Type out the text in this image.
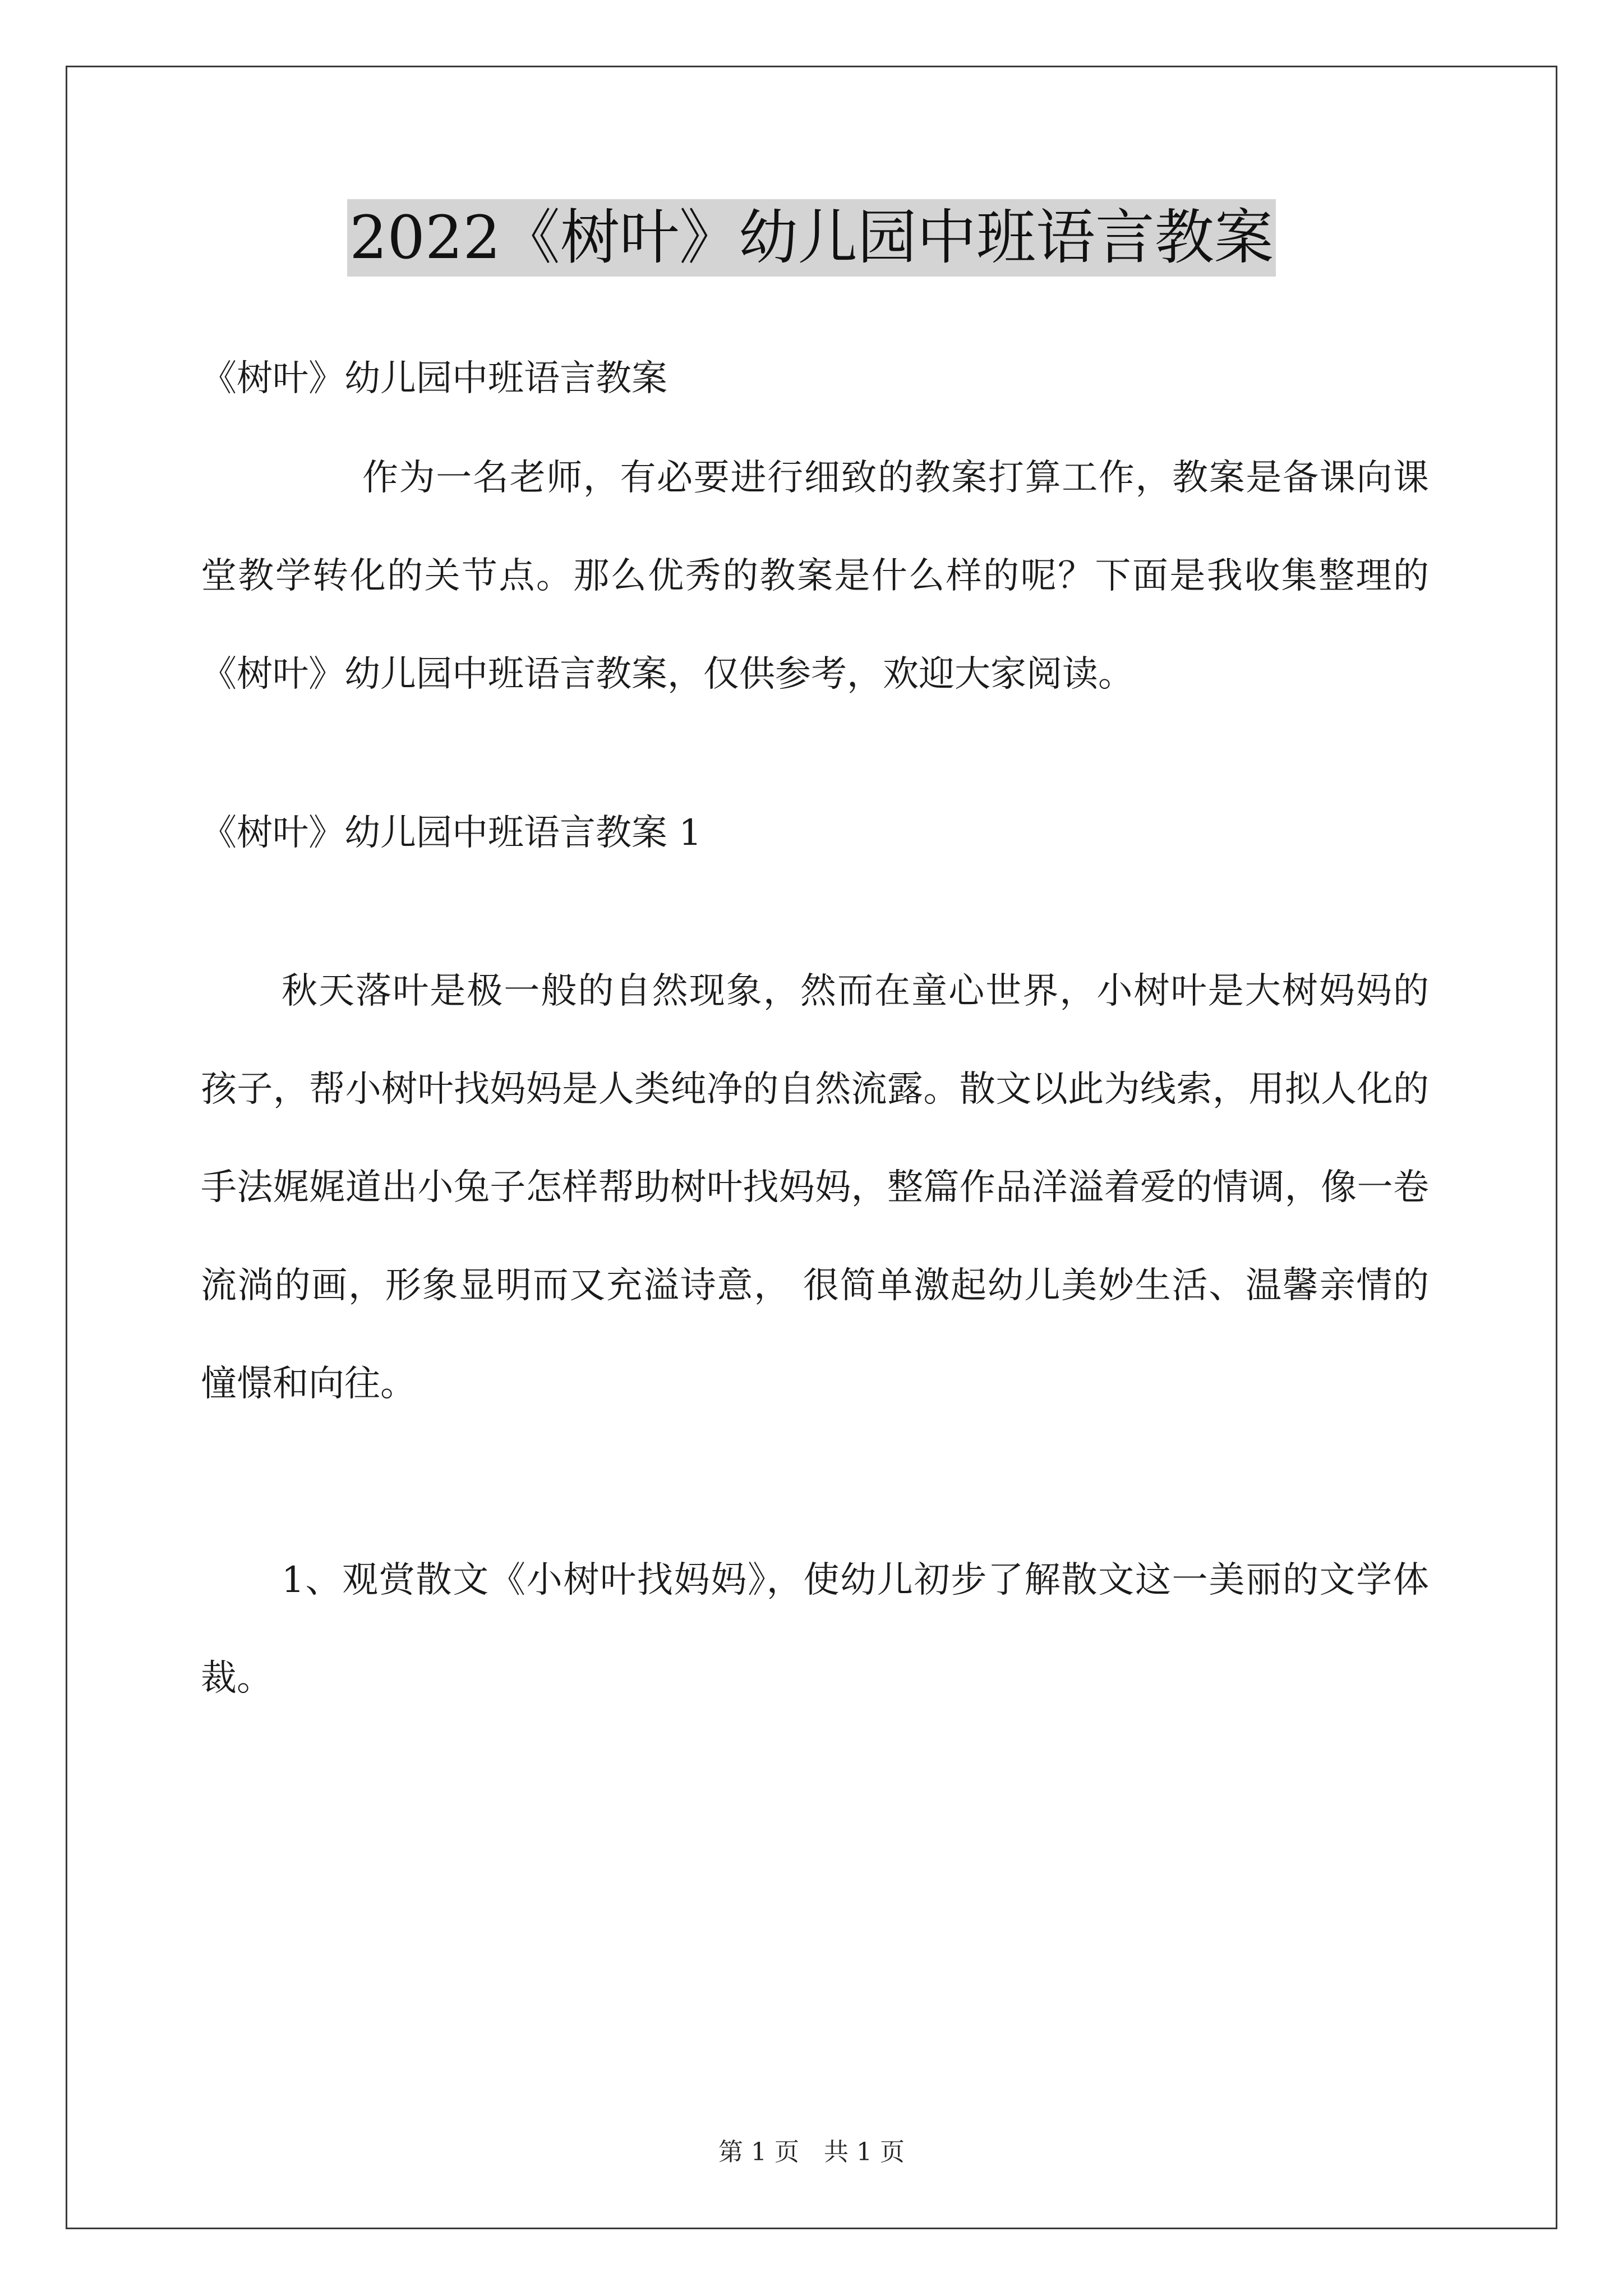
2022《树叶》幼儿园中班语言教案

《树叶》幼儿园中班语言教案

作为一名老师，有必要进行细致的教案打算工作，教案是备课向课堂教学转化的关节点。那么优秀的教案是什么样的呢？下面是我收集整理的《树叶》幼儿园中班语言教案，仅供参考，欢迎大家阅读。

《树叶》幼儿园中班语言教案 1

秋天落叶是极一般的自然现象，然而在童心世界，小树叶是大树妈妈的孩子，帮小树叶找妈妈是人类纯净的自然流露。散文以此为线索，用拟人化的手法娓娓道出小兔子怎样帮助树叶找妈妈，整篇作品洋溢着爱的情调，像一卷流淌的画，形象显明而又充溢诗意， 很简单激起幼儿美妙生活、温馨亲情的憧憬和向往。

1、观赏散文《小树叶找妈妈》，使幼儿初步了解散文这一美丽的文学体裁。

第 1 页　共 1 页
